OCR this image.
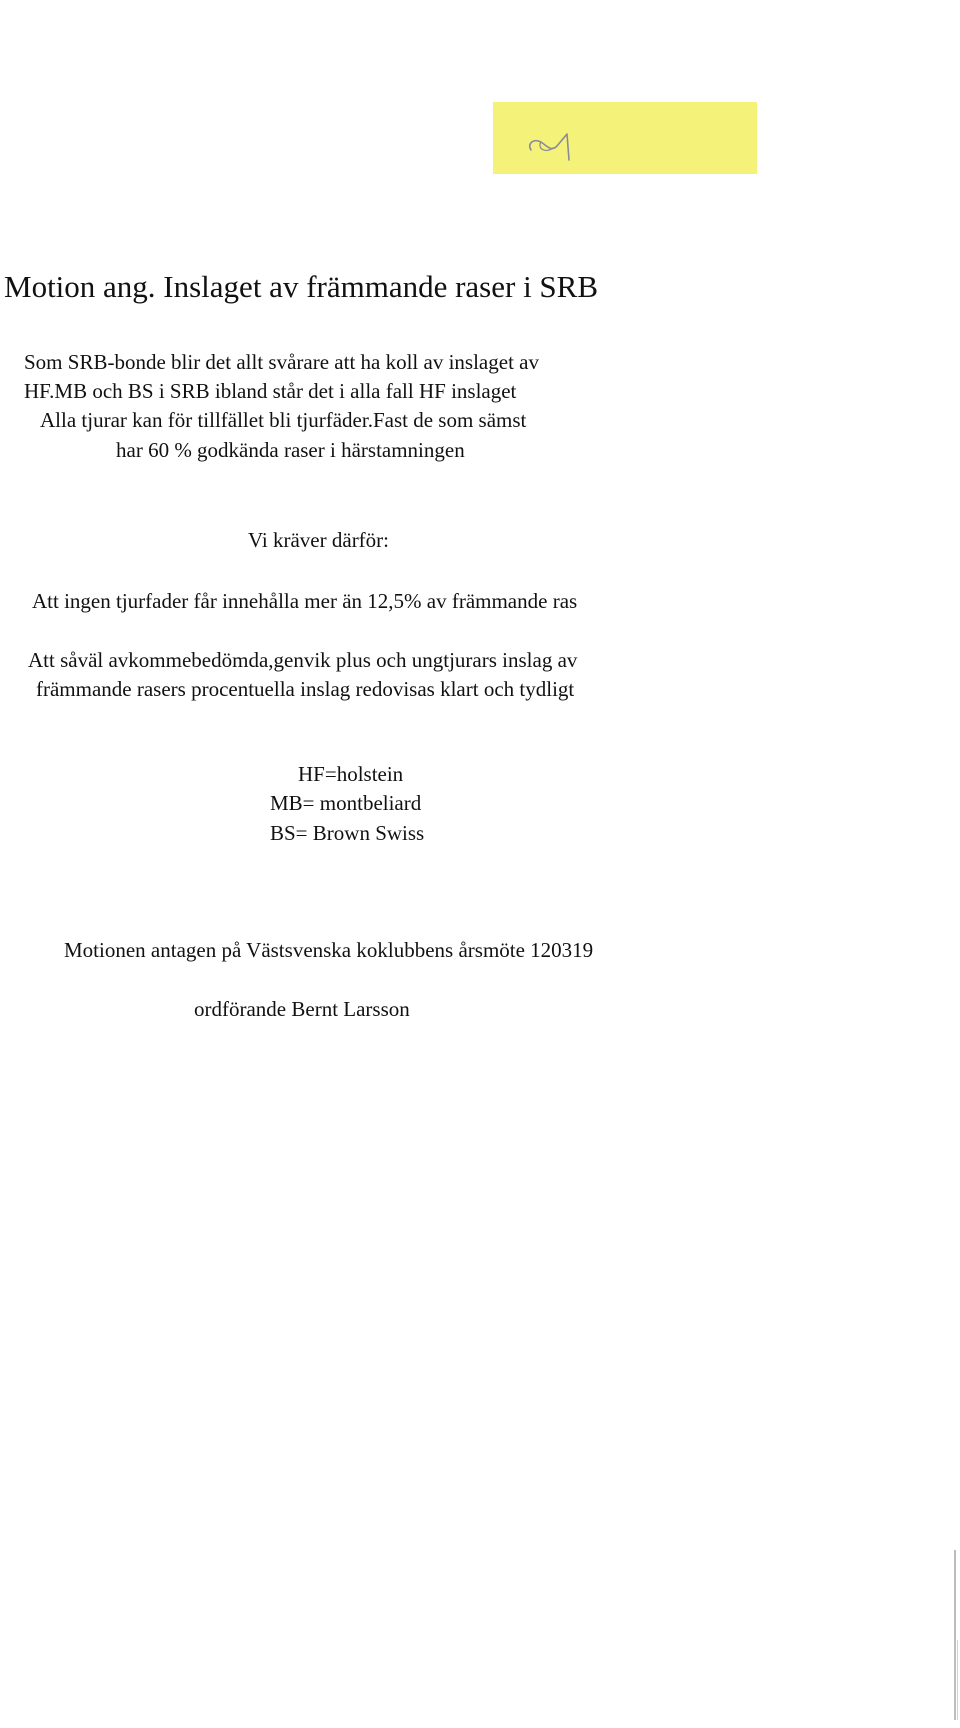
Motion ang. Inslaget av främmande raser i SRB
Som SRB-bonde blir det allt svårare att ha koll av inslaget av
HF.MB och BS i SRB ibland står det i alla fall HF inslaget
Alla tjurar kan för tillfället bli tjurfäder.Fast de som sämst
har 60 % godkända raser i härstamningen
Vi kräver därför:
Att ingen tjurfader får innehålla mer än 12,5% av främmande ras
Att såväl avkommebedömda,genvik plus och ungtjurars inslag av
främmande rasers procentuella inslag redovisas klart och tydligt
HF=holstein
MB= montbeliard
BS= Brown Swiss
Motionen antagen på Västsvenska koklubbens årsmöte 120319
ordförande Bernt Larsson
